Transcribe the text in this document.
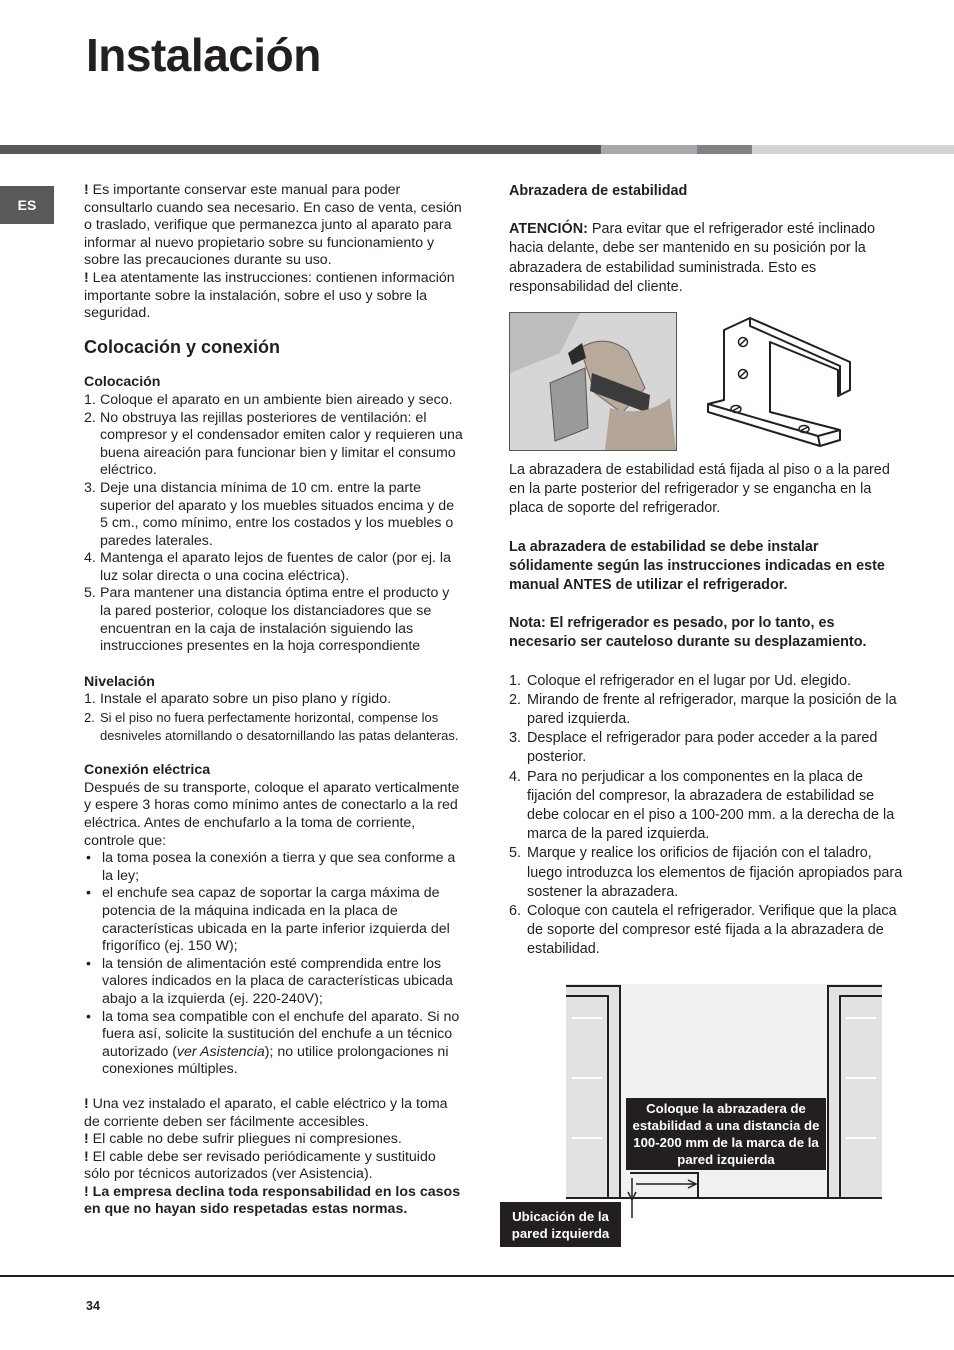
Instalación
ES

! Es importante conservar este manual para poder consultarlo cuando sea necesario. En caso de venta, cesión o traslado, verifique que permanezca junto al aparato para informar al nuevo propietario sobre su funcionamiento y sobre las precauciones durante su uso.

! Lea atentamente las instrucciones: contienen información importante sobre la instalación, sobre el uso y sobre la seguridad.

Colocación y conexión
Colocación
1. Coloque el aparato en un ambiente bien aireado y seco.
2. No obstruya las rejillas posteriores de ventilación: el compresor y el condensador emiten calor y requieren una buena aireación para funcionar bien y limitar el consumo eléctrico.
3. Deje una distancia mínima de 10 cm. entre la parte superior del aparato y los muebles situados encima y de 5 cm., como mínimo, entre los costados y los muebles o paredes laterales.
4. Mantenga el aparato lejos de fuentes de calor (por ej. la luz solar directa o una cocina eléctrica).
5. Para mantener una distancia óptima entre el producto y la pared posterior, coloque los distanciadores que se encuentran en la caja de instalación siguiendo las instrucciones presentes en la hoja correspondiente
Nivelación
1. Instale el aparato sobre un piso plano y rígido.
2. Si el piso no fuera perfectamente horizontal, compense los desniveles atornillando o desatornillando las patas delanteras.
Conexión eléctrica

Después de su transporte, coloque el aparato verticalmente y espere 3 horas como mínimo antes de conectarlo a la red eléctrica. Antes de enchufarlo a la toma de corriente, controle que:

• la toma posea la conexión a tierra y que sea conforme a la ley;
• el enchufe sea capaz de soportar la carga máxima de potencia de la máquina indicada en la placa de características ubicada en la parte inferior izquierda del frigorífico (ej. 150 W);
• la tensión de alimentación esté comprendida entre los valores indicados en la placa de características ubicada abajo a la izquierda (ej. 220-240V);
• la toma sea compatible con el enchufe del aparato. Si no fuera así, solicite la sustitución del enchufe a un técnico autorizado (ver Asistencia); no utilice prolongaciones ni conexiones múltiples.

! Una vez instalado el aparato, el cable eléctrico y la toma de corriente deben ser fácilmente accesibles.

! El cable no debe sufrir pliegues ni compresiones.

! El cable debe ser revisado periódicamente y sustituido sólo por técnicos autorizados (ver Asistencia).

! La empresa declina toda responsabilidad en los casos en que no hayan sido respetadas estas normas.

Abrazadera de estabilidad

ATENCIÓN: Para evitar que el refrigerador esté inclinado hacia delante, debe ser mantenido en su posición por la abrazadera de estabilidad suministrada. Esto es responsabilidad del cliente.

La abrazadera de estabilidad está fijada al piso o a la pared en la parte posterior del refrigerador y se engancha en la placa de soporte del refrigerador.

La abrazadera de estabilidad se debe instalar sólidamente según las instrucciones indicadas en este manual ANTES de utilizar el refrigerador.

Nota: El refrigerador es pesado, por lo tanto, es necesario ser cauteloso durante su desplazamiento.

1. Coloque el refrigerador en el lugar por Ud. elegido.
2. Mirando de frente al refrigerador, marque la posición de la pared izquierda.
3. Desplace el refrigerador para poder acceder a la pared posterior.
4. Para no perjudicar a los componentes en la placa de fijación del compresor, la abrazadera de estabilidad se debe colocar en el piso a 100-200 mm. a la derecha de la marca de la pared izquierda.
5. Marque y realice los orificios de fijación con el taladro, luego introduzca los elementos de fijación apropiados para sostener la abrazadera.
6. Coloque con cautela el refrigerador. Verifique que la placa de soporte del compresor esté fijada a la abrazadera de estabilidad.
Coloque la abrazadera de estabilidad a una distancia de 100-200 mm de la marca de la pared izquierda
Ubicación de la pared izquierda
34
